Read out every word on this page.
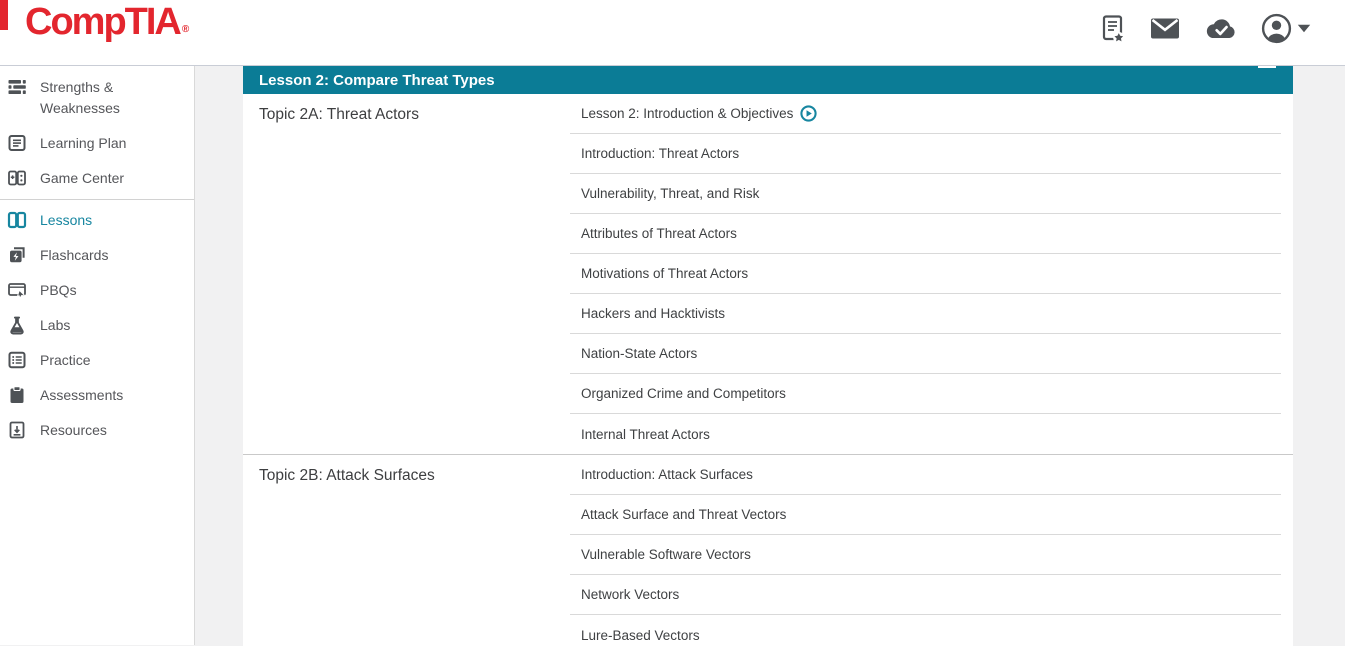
CompTIA ®
Strengths & Weaknesses
Learning Plan
Game Center
Lessons
Flashcards
PBQs
Labs
Practice
Assessments
Resources
Lesson 2: Compare Threat Types
Topic 2A: Threat Actors	Lesson 2: Introduction & Objectives
Introduction: Threat Actors
Vulnerability, Threat, and Risk
Attributes of Threat Actors
Motivations of Threat Actors
Hackers and Hacktivists
Nation-State Actors
Organized Crime and Competitors
Internal Threat Actors
Topic 2B: Attack Surfaces	Introduction: Attack Surfaces
Attack Surface and Threat Vectors
Vulnerable Software Vectors
Network Vectors
Lure-Based Vectors
